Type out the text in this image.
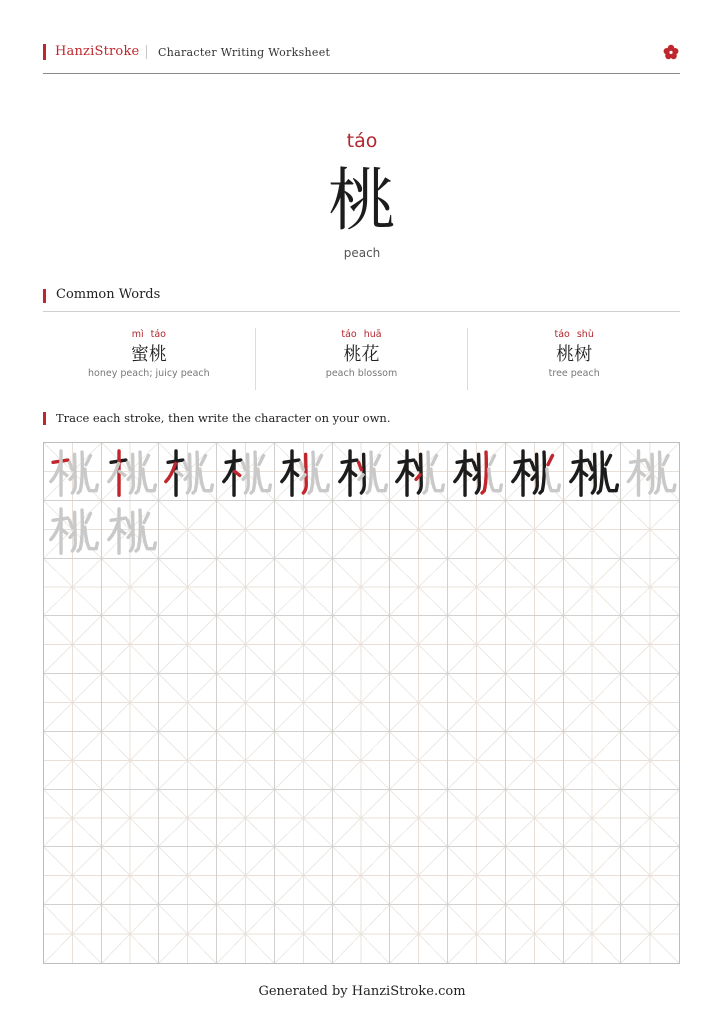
HanziStroke Character Writing Worksheet
táo
桃
peach
Common Words
mì táo
蜜桃
honey peach; juicy peach
táo huā
桃花
peach blossom
táo shù
桃树
tree peach
Trace each stroke, then write the character on your own.
Generated by HanziStroke.com
